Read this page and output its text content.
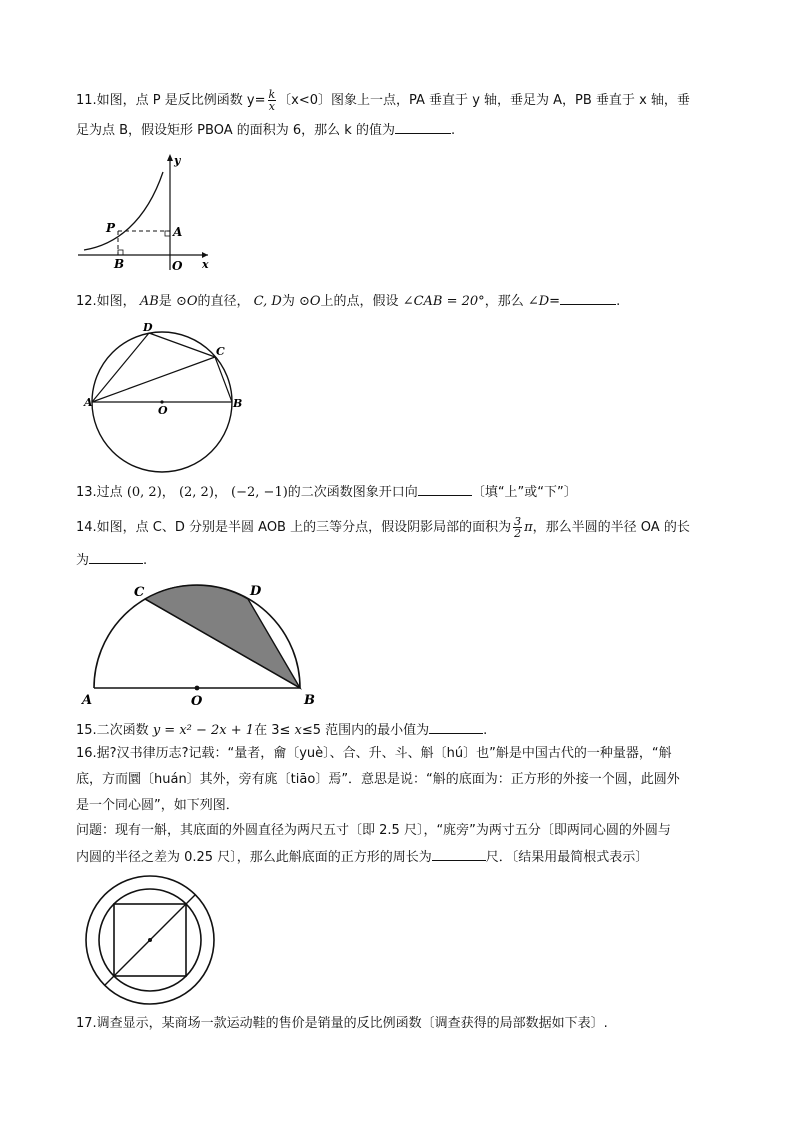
11.如图，点 P 是反比例函数 $y= \frac{k}{x}$ 〔x<0〕图象上一点，PA 垂直于 y 轴，垂足为 A，PB 垂直于 x 轴，垂
足为点 B，假设矩形 PBOA 的面积为 6，那么 k 的值为	.
y
P	A
B	O x
12.如图， AB是 ⊙O的直径， C, D为 ⊙O上的点，假设 ∠CAB = 20°，那么 ∠D=	.
D
C
A
O
B
13.过点 (0, 2)， (2, 2)， (−2, −1)的二次函数图象开口向	〔填“上”或“下”〕
14.如图，点 C、D 分别是半圆 AOB 上的三等分点，假设阴影局部的面积为 $\frac{3}{2}$ π，那么半圆的半径 OA 的长
为	.
C	D
A	O	B
15.二次函数 y = x² − 2x + 1在 3≤ x≤5 范围内的最小值为	.
16.据?汉书律历志?记载：“量者，龠〔yuè〕、合、升、斗、斛〔hú〕也”斛是中国古代的一种量器，“斛
底，方而圜〔huán〕其外，旁有庣〔tiāo〕焉”．意思是说：“斛的底面为：正方形的外接一个圆，此圆外
是一个同心圆”，如下列图．
问题：现有一斛，其底面的外圆直径为两尺五寸〔即 2.5 尺〕，“庣旁”为两寸五分〔即两同心圆的外圆与
内圆的半径之差为 0.25 尺〕，那么此斛底面的正方形的周长为	尺．〔结果用最简根式表示〕
17.调查显示，某商场一款运动鞋的售价是销量的反比例函数〔调查获得的局部数据如下表〕.
